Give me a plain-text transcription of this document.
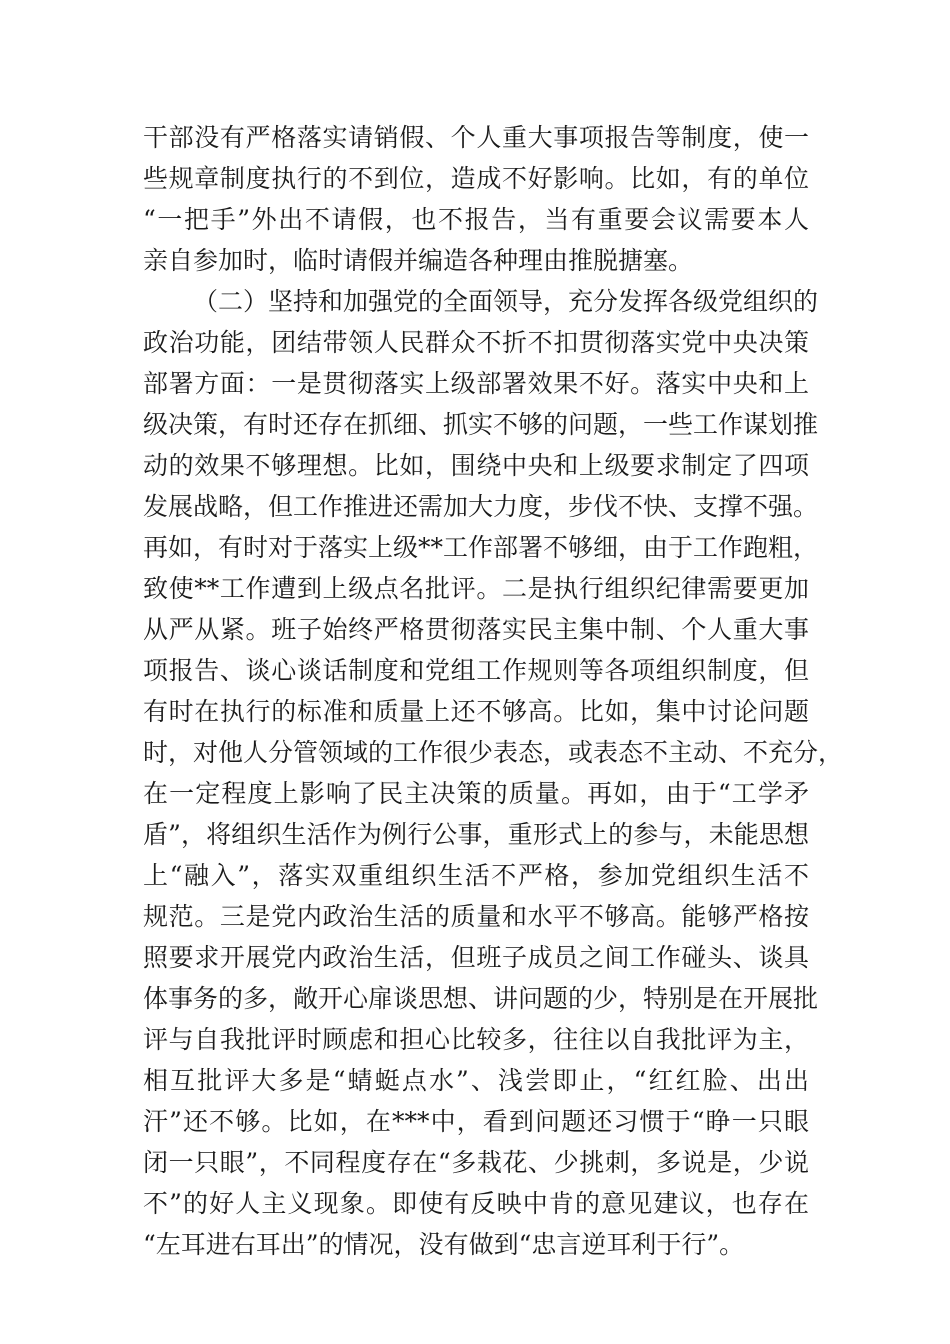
干部没有严格落实请销假、个人重大事项报告等制度，使一
些规章制度执行的不到位，造成不好影响。比如，有的单位
“一把手”外出不请假，也不报告，当有重要会议需要本人
亲自参加时，临时请假并编造各种理由推脱搪塞。
（二）坚持和加强党的全面领导，充分发挥各级党组织的
政治功能，团结带领人民群众不折不扣贯彻落实党中央决策
部署方面：一是贯彻落实上级部署效果不好。落实中央和上
级决策，有时还存在抓细、抓实不够的问题，一些工作谋划推
动的效果不够理想。比如，围绕中央和上级要求制定了四项
发展战略，但工作推进还需加大力度，步伐不快、支撑不强。
再如，有时对于落实上级**工作部署不够细，由于工作跑粗，
致使**工作遭到上级点名批评。二是执行组织纪律需要更加
从严从紧。班子始终严格贯彻落实民主集中制、个人重大事
项报告、谈心谈话制度和党组工作规则等各项组织制度，但
有时在执行的标准和质量上还不够高。比如，集中讨论问题
时，对他人分管领域的工作很少表态，或表态不主动、不充分，
在一定程度上影响了民主决策的质量。再如，由于“工学矛
盾”，将组织生活作为例行公事，重形式上的参与，未能思想
上“融入”，落实双重组织生活不严格，参加党组织生活不
规范。三是党内政治生活的质量和水平不够高。能够严格按
照要求开展党内政治生活，但班子成员之间工作碰头、谈具
体事务的多，敞开心扉谈思想、讲问题的少，特别是在开展批
评与自我批评时顾虑和担心比较多，往往以自我批评为主，
相互批评大多是“蜻蜓点水”、浅尝即止，“红红脸、出出
汗”还不够。比如，在***中，看到问题还习惯于“睁一只眼
闭一只眼”，不同程度存在“多栽花、少挑刺，多说是，少说
不”的好人主义现象。即使有反映中肯的意见建议，也存在
“左耳进右耳出”的情况，没有做到“忠言逆耳利于行”。
